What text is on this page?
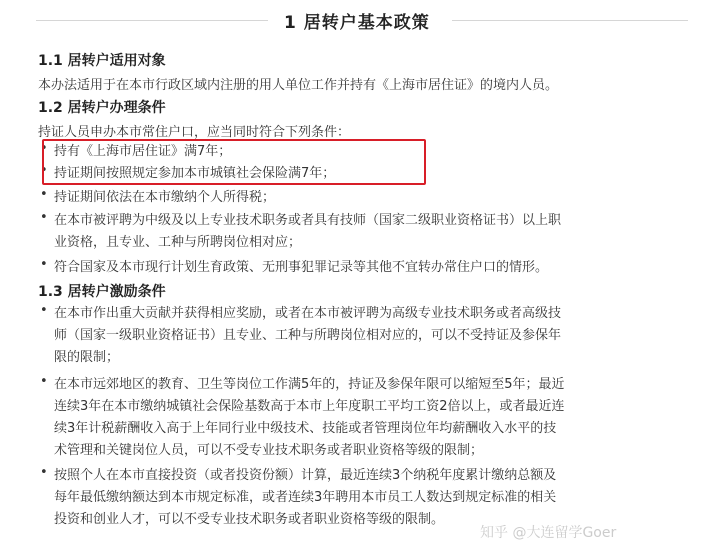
1 居转户基本政策
1.1 居转户适用对象
本办法适用于在本市行政区域内注册的用人单位工作并持有《上海市居住证》的境内人员。
1.2 居转户办理条件
持证人员申办本市常住户口，应当同时符合下列条件：
• 持有《上海市居住证》满7年；
• 持证期间按照规定参加本市城镇社会保险满7年；
• 持证期间依法在本市缴纳个人所得税；
• 在本市被评聘为中级及以上专业技术职务或者具有技师（国家二级职业资格证书）以上职
业资格，且专业、工种与所聘岗位相对应；
• 符合国家及本市现行计划生育政策、无刑事犯罪记录等其他不宜转办常住户口的情形。
1.3 居转户激励条件
• 在本市作出重大贡献并获得相应奖励，或者在本市被评聘为高级专业技术职务或者高级技
师（国家一级职业资格证书）且专业、工种与所聘岗位相对应的，可以不受持证及参保年
限的限制；
• 在本市远郊地区的教育、卫生等岗位工作满5年的，持证及参保年限可以缩短至5年；最近
连续3年在本市缴纳城镇社会保险基数高于本市上年度职工平均工资2倍以上，或者最近连
续3年计税薪酬收入高于上年同行业中级技术、技能或者管理岗位年均薪酬收入水平的技
术管理和关键岗位人员，可以不受专业技术职务或者职业资格等级的限制；
• 按照个人在本市直接投资（或者投资份额）计算，最近连续3个纳税年度累计缴纳总额及
每年最低缴纳额达到本市规定标准，或者连续3年聘用本市员工人数达到规定标准的相关
投资和创业人才，可以不受专业技术职务或者职业资格等级的限制。
知乎 @大连留学Goer
